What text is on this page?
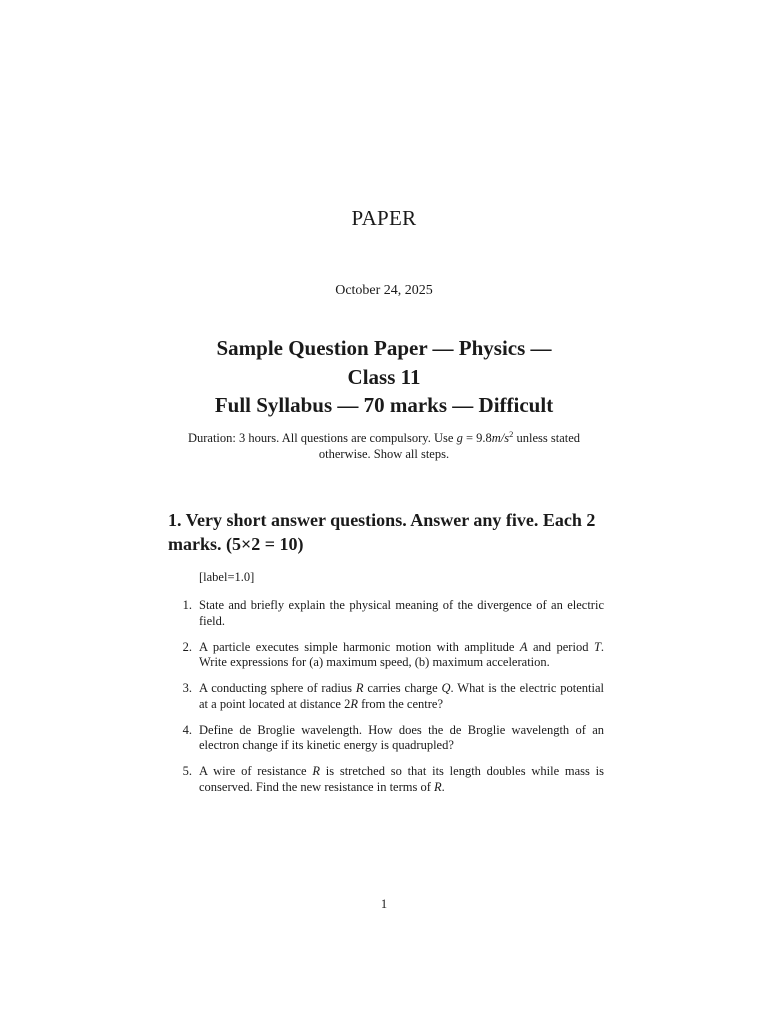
PAPER
October 24, 2025
Sample Question Paper — Physics —
Class 11
Full Syllabus — 70 marks — Difficult
Duration: 3 hours. All questions are compulsory. Use $g = 9.8m/s^2$ unless stated otherwise. Show all steps.
1. Very short answer questions. Answer any five. Each 2 marks. (5×2 = 10)
[label=1.0]
1. State and briefly explain the physical meaning of the divergence of an electric field.
2. A particle executes simple harmonic motion with amplitude A and period T. Write expressions for (a) maximum speed, (b) maximum acceleration.
3. A conducting sphere of radius R carries charge Q. What is the electric potential at a point located at distance 2R from the centre?
4. Define de Broglie wavelength. How does the de Broglie wavelength of an electron change if its kinetic energy is quadrupled?
5. A wire of resistance R is stretched so that its length doubles while mass is conserved. Find the new resistance in terms of R.
1
